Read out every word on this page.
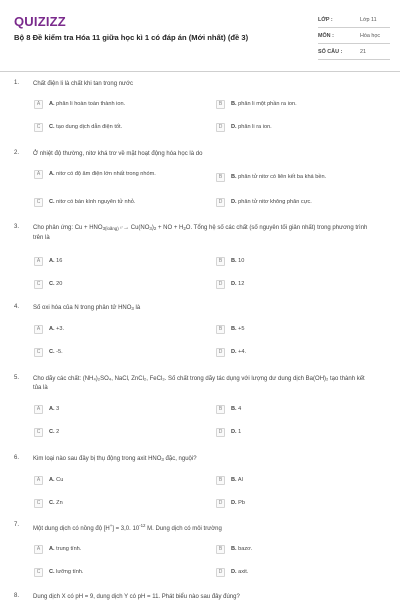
QUIZIZZ
Bộ 8 Đề kiểm tra Hóa 11 giữa học kì 1 có đáp án (Mới nhất) (đề 3)
LỚP :	Lớp 11
MÔN :	Hóa học
SỐ CÂU :	21
1. Chất điện li là chất khi tan trong nước
A	A. phân li hoàn toàn thành ion.	B	B. phân li một phần ra ion.
C	C. tạo dung dịch dẫn điện tốt.	D	D. phân li ra ion.
2. Ở nhiệt độ thường, nitơ khá trơ về mặt hoạt động hóa học là do
A	A. nitơ có độ âm điện lớn nhất trong nhóm.	B	B. phân tử nitơ có liên kết ba khá bền.
C	C. nitơ có bán kính nguyên tử nhỏ.	D	D. phân tử nitơ không phân cực.
3. Cho phản ứng: $Cu + HNO_{3(loãng)}$ $t^\circ\to Cu(NO_3)_2$ + NO + $H_2O$. Tổng hệ số các chất (số nguyên tối giản nhất) trong phương trình trên là
A	A. 16	B	B. 10
C	C. 20	D	D. 12
4. Số oxi hóa của N trong phân tử $HNO_3$ là
A	A. +3.	B	B. +5
C	C. -5.	D	D. +4.
5. Cho dãy các chất: (NH₄)₂SO₄, NaCl, ZnCl₂, FeCl₃. Số chất trong dãy tác dụng với lượng dư dung dịch Ba(OH)₂ tạo thành kết tủa là
A	A. 3	B	B. 4
C	C. 2	D	D. 1
6. Kim loại nào sau đây bị thụ động trong axit $HNO_3$ đặc, nguội?
A	A. Cu	B	B. Al
C	C. Zn	D	D. Pb
7.
Một dung dịch có nồng độ [H+] = 3,0. $10^{-12}$ M. Dung dịch có môi trường
A	A. trung tính.	B	B. bazơ.
C	C. lưỡng tính.	D	D. axit.
8. Dung dịch X có pH = 9, dung dịch Y có pH = 11. Phát biểu nào sau đây đúng?
